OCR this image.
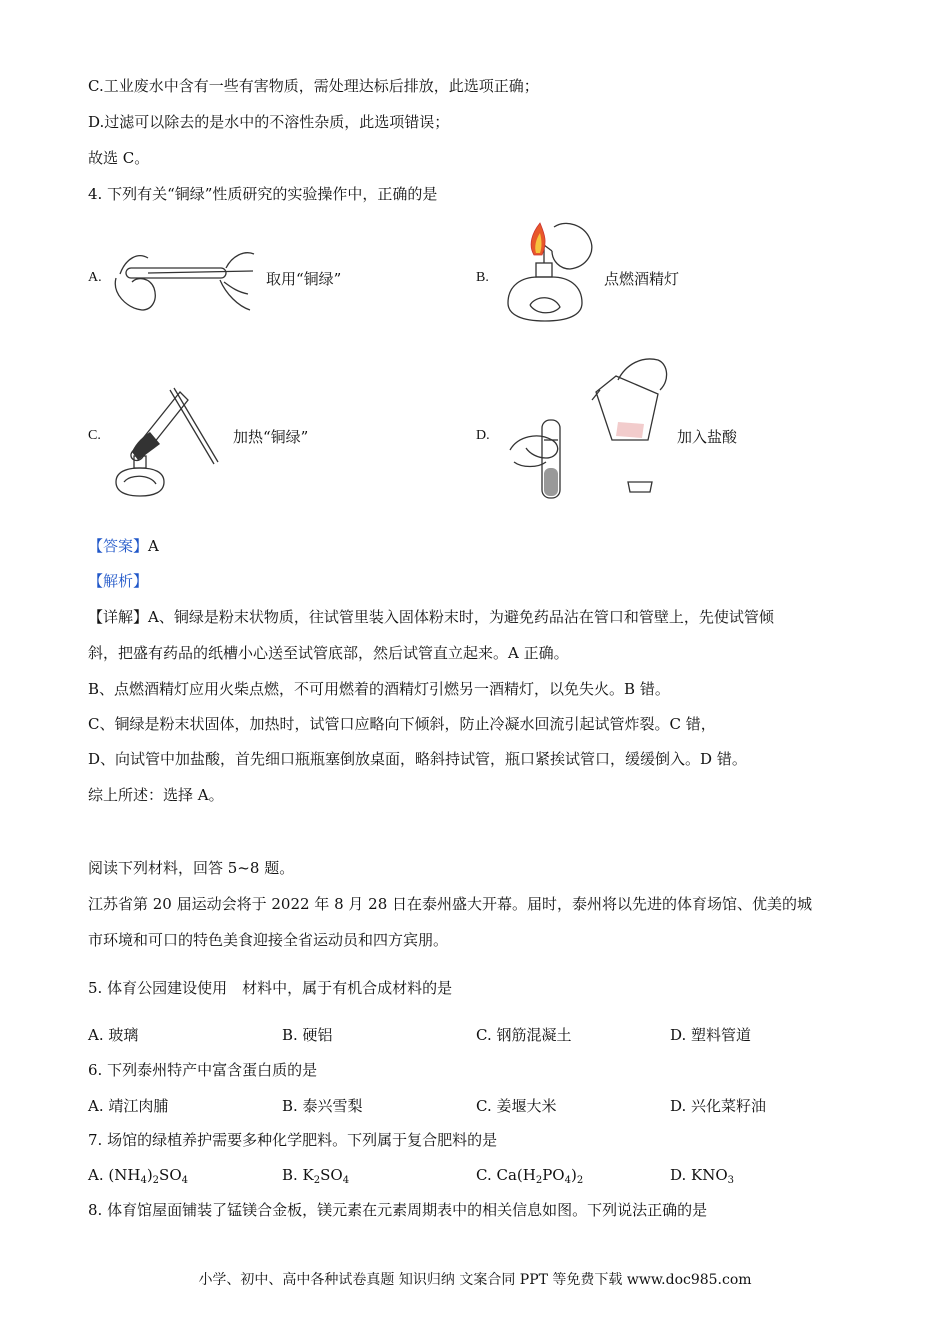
C.工业废水中含有一些有害物质，需处理达标后排放，此选项正确；
D.过滤可以除去的是水中的不溶性杂质，此选项错误；
故选 C。
4. 下列有关“铜绿”性质研究的实验操作中，正确的是
A.	取用“铜绿”	B.	点燃酒精灯
C.	加热“铜绿”	D.	加入盐酸
【答案】A
【解析】
【详解】A、铜绿是粉末状物质，往试管里装入固体粉末时，为避免药品沾在管口和管壁上，先使试管倾
斜，把盛有药品的纸槽小心送至试管底部，然后试管直立起来。A 正确。
B、点燃酒精灯应用火柴点燃，不可用燃着的酒精灯引燃另一酒精灯，以免失火。B 错。
C、铜绿是粉末状固体，加热时，试管口应略向下倾斜，防止冷凝水回流引起试管炸裂。C 错，
D、向试管中加盐酸，首先细口瓶瓶塞倒放桌面，略斜持试管，瓶口紧挨试管口，缓缓倒入。D 错。
综上所述：选择 A。
阅读下列材料，回答 5~8 题。
江苏省第 20 届运动会将于 2022 年 8 月 28 日在泰州盛大开幕。届时，泰州将以先进的体育场馆、优美的城
市环境和可口的特色美食迎接全省运动员和四方宾朋。
5. 体育公园建设使用　材料中，属于有机合成材料的是
A. 玻璃	B. 硬铝	C. 钢筋混凝土	D. 塑料管道
6. 下列泰州特产中富含蛋白质的是
A. 靖江肉脯	B. 泰兴雪梨	C. 姜堰大米	D. 兴化菜籽油
7. 场馆的绿植养护需要多种化学肥料。下列属于复合肥料的是
A. $(NH_4)_2SO_4$	B. $K_2SO_4$	C. $Ca(H_2PO_4)_2$	D. $KNO_3$
8. 体育馆屋面铺装了锰镁合金板，镁元素在元素周期表中的相关信息如图。下列说法正确的是
小学、初中、高中各种试卷真题 知识归纳 文案合同 PPT 等免费下载 www.doc985.com
